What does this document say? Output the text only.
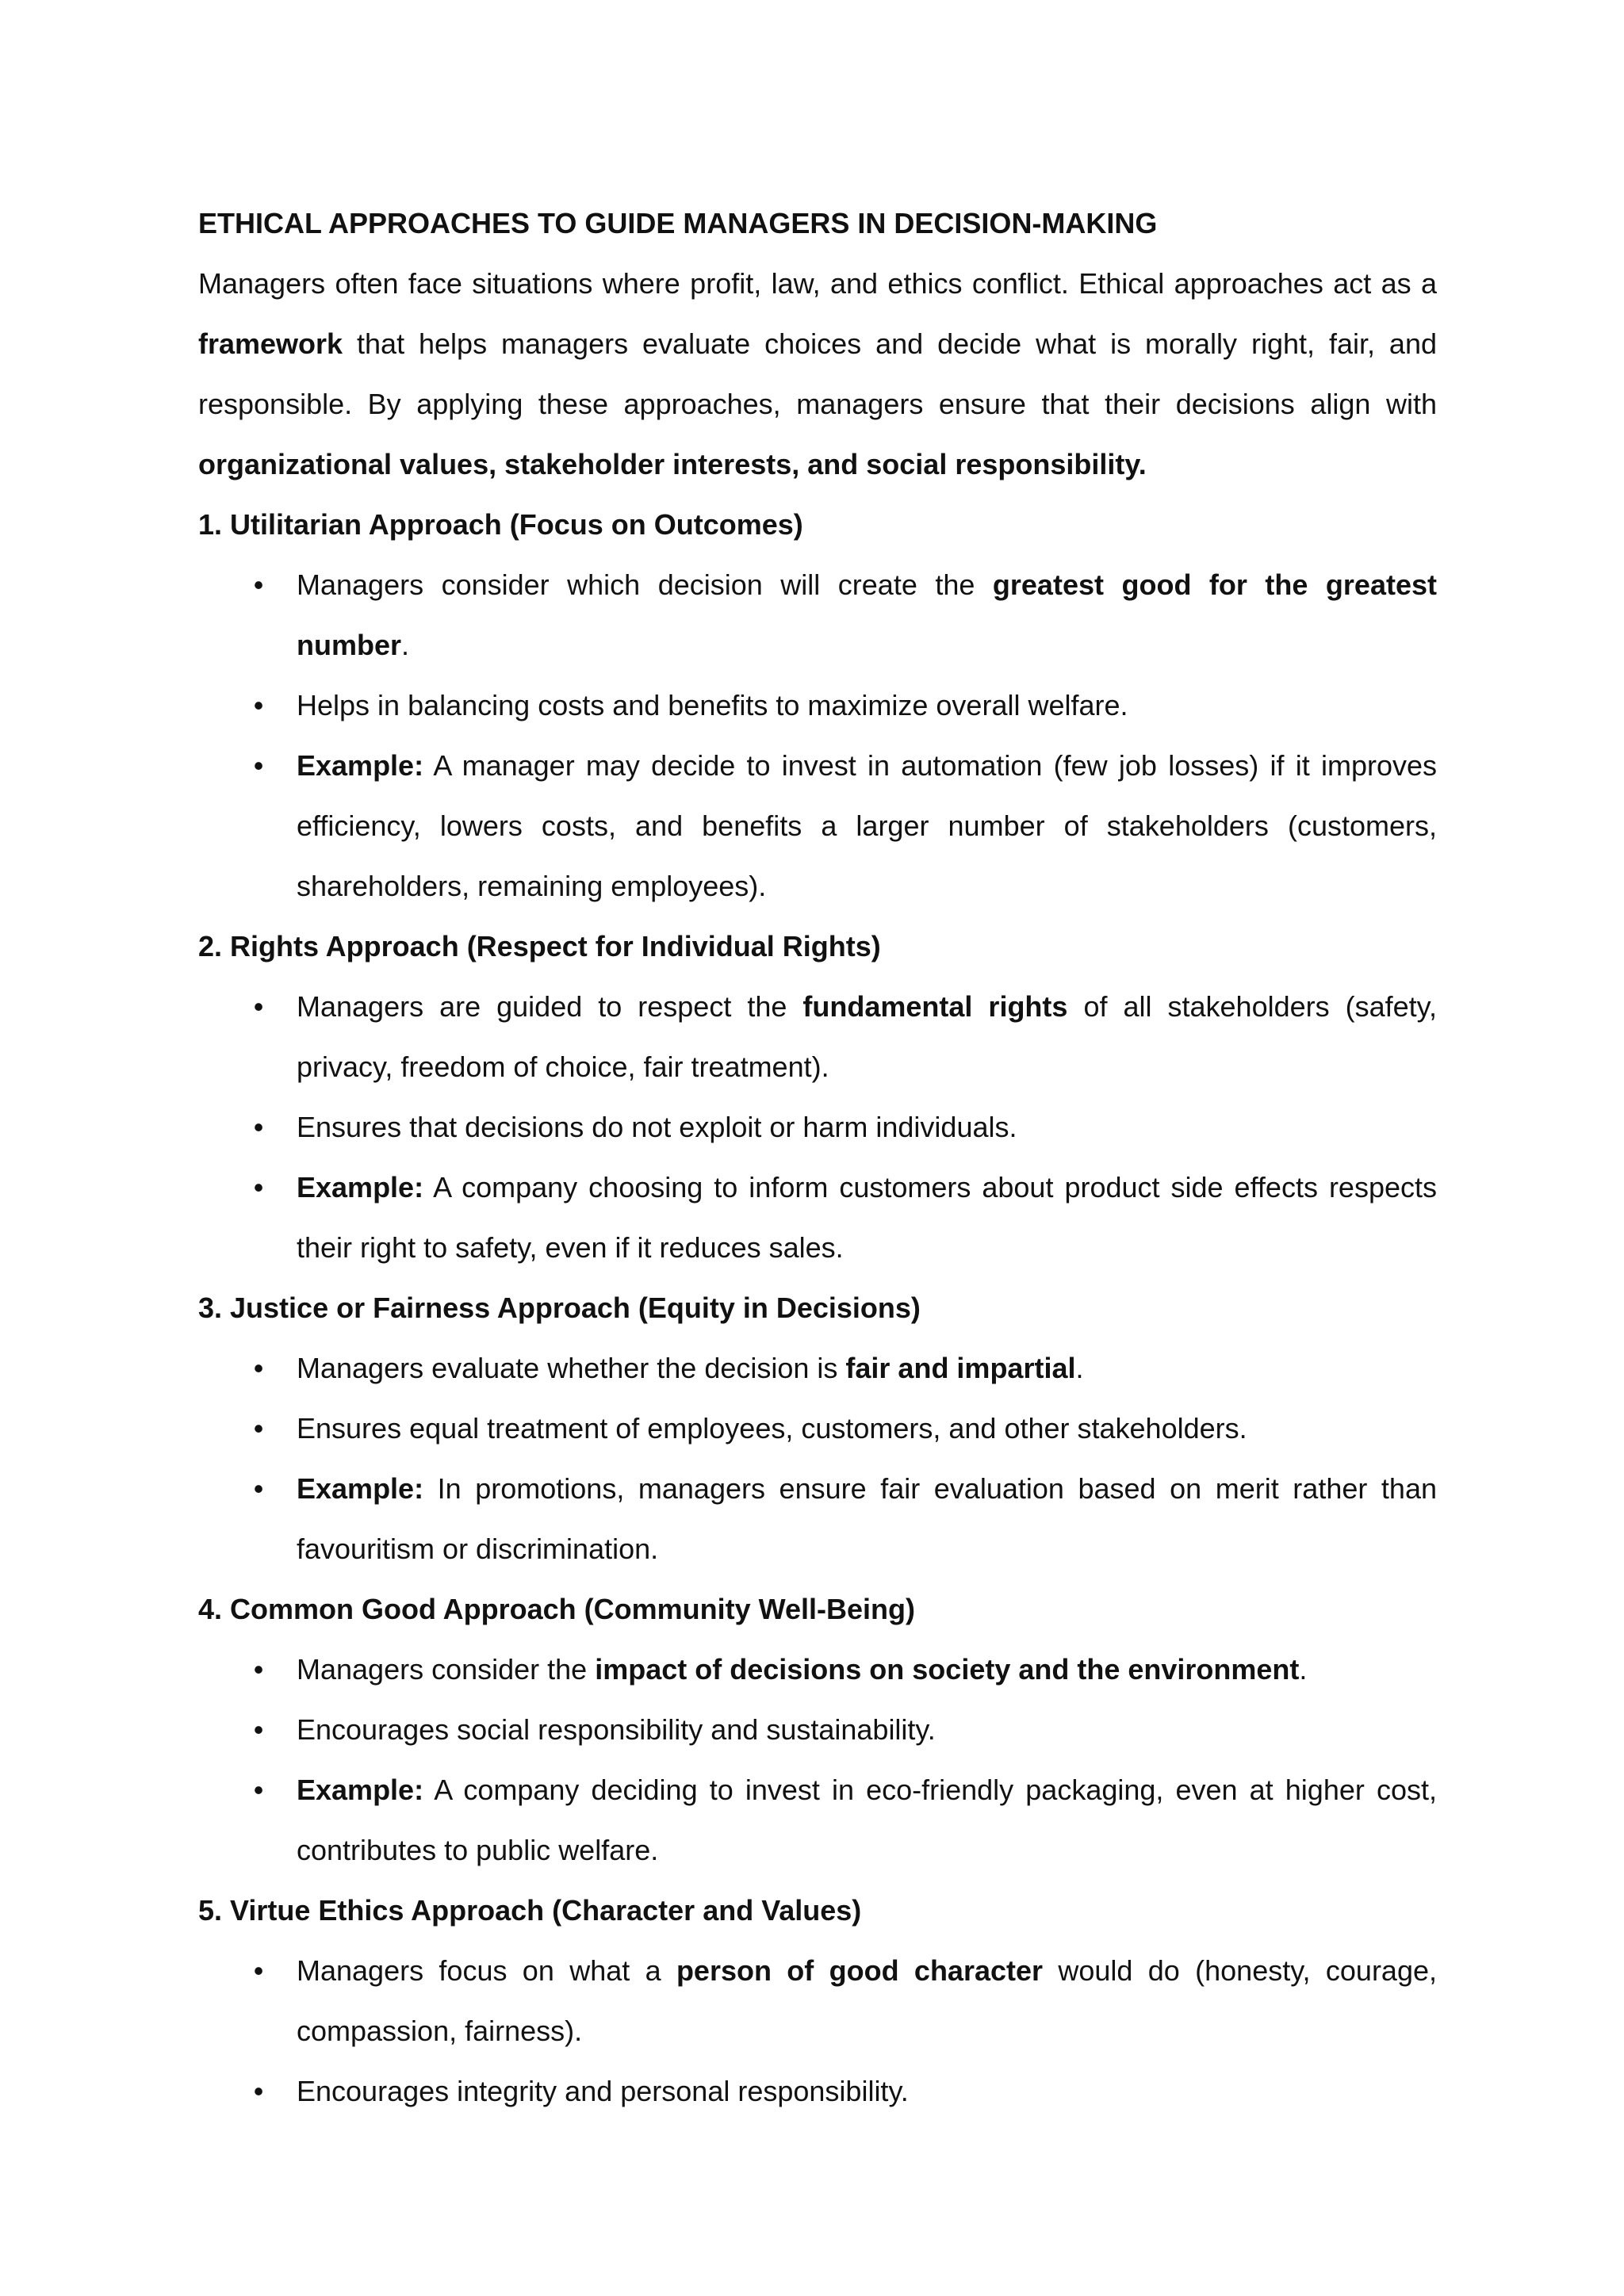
ETHICAL APPROACHES TO GUIDE MANAGERS IN DECISION-MAKING

Managers often face situations where profit, law, and ethics conflict. Ethical approaches act as a framework that helps managers evaluate choices and decide what is morally right, fair, and responsible. By applying these approaches, managers ensure that their decisions align with organizational values, stakeholder interests, and social responsibility.

1. Utilitarian Approach (Focus on Outcomes)
• Managers consider which decision will create the greatest good for the greatest number.
• Helps in balancing costs and benefits to maximize overall welfare.
• Example: A manager may decide to invest in automation (few job losses) if it improves efficiency, lowers costs, and benefits a larger number of stakeholders (customers, shareholders, remaining employees).
2. Rights Approach (Respect for Individual Rights)
• Managers are guided to respect the fundamental rights of all stakeholders (safety, privacy, freedom of choice, fair treatment).
• Ensures that decisions do not exploit or harm individuals.
• Example: A company choosing to inform customers about product side effects respects their right to safety, even if it reduces sales.
3. Justice or Fairness Approach (Equity in Decisions)
• Managers evaluate whether the decision is fair and impartial.
• Ensures equal treatment of employees, customers, and other stakeholders.
• Example: In promotions, managers ensure fair evaluation based on merit rather than favouritism or discrimination.
4. Common Good Approach (Community Well-Being)
• Managers consider the impact of decisions on society and the environment.
• Encourages social responsibility and sustainability.
• Example: A company deciding to invest in eco-friendly packaging, even at higher cost, contributes to public welfare.
5. Virtue Ethics Approach (Character and Values)
• Managers focus on what a person of good character would do (honesty, courage, compassion, fairness).
• Encourages integrity and personal responsibility.
